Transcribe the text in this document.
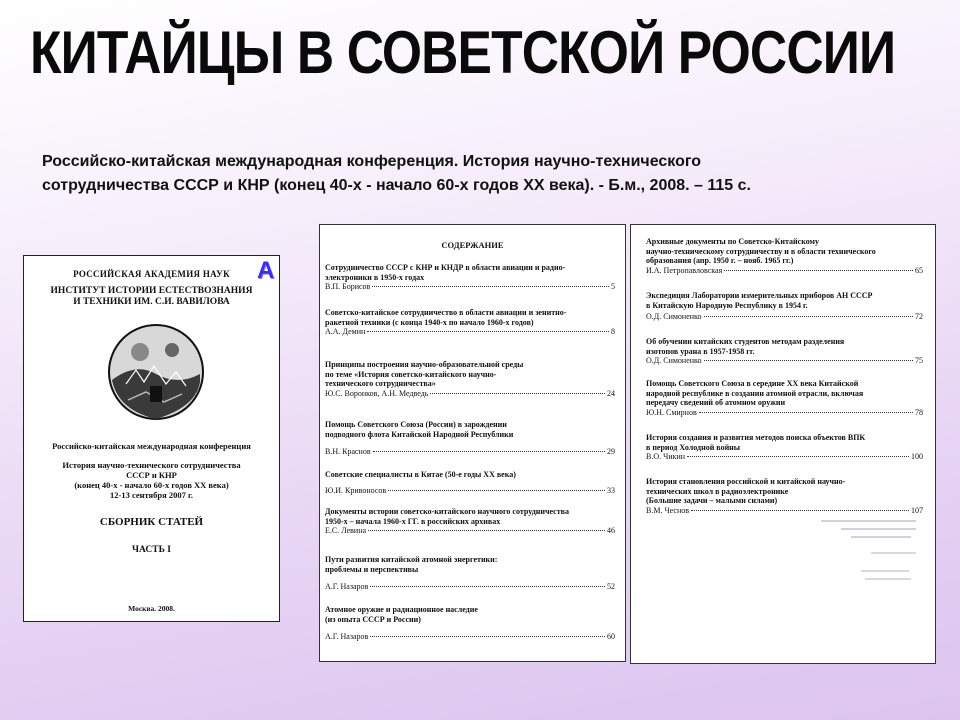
КИТАЙЦЫ В СОВЕТСКОЙ РОССИИ
Российско-китайская международная конференция. История научно-технического
сотрудничества СССР и КНР (конец 40-х - начало 60-х годов XX века). - Б.м., 2008. – 115 с.
А
РОССИЙСКАЯ АКАДЕМИЯ НАУК
ИНСТИТУТ ИСТОРИИ ЕСТЕСТВОЗНАНИЯ
И ТЕХНИКИ ИМ. С.И. ВАВИЛОВА
Российско-китайская международная конференция
История научно-технического сотрудничества
СССР и КНР
(конец 40-х - начало 60-х годов XX века)
12-13 сентября 2007 г.
СБОРНИК СТАТЕЙ
ЧАСТЬ I
Москва. 2008.
СОДЕРЖАНИЕ
Сотрудничество СССР с КНР и КНДР в области авиации и радио-
электроники в 1950-х годах
В.П. Борисов	5
Советско-китайское сотрудничество в области авиации и зенитно-
ракетной техники (с конца 1940-х по начало 1960-х годов)
А.А. Демин	8
Принципы построения научно-образовательной среды
по теме «История советско-китайского научно-
технического сотрудничества»
Ю.С. Воронков, А.Н. Медведь	24
Помощь Советского Союза (России) в зарождении
подводного флота Китайской Народной Республики
В.Н. Краснов	29
Советские специалисты в Китае (50-е годы XX века)
Ю.И. Кривоносов	33
Документы истории советско-китайского научного сотрудничества
1950-х – начала 1960-х ГГ. в российских архивах
Е.С. Левина	46
Пути развития китайской атомной энергетики:
проблемы и перспективы
А.Г. Назаров	52
Атомное оружие и радиационное наследие
(из опыта СССР и России)
А.Г. Назаров	60
Архивные документы по Советско-Китайскому
научно-техническому сотрудничеству и в области технического
образования (апр. 1950 г. – нояб. 1965 гг.)
И.А. Петропавловская	65
Экспедиция Лаборатории измерительных приборов АН СССР
в Китайскую Народную Республику в 1954 г.
О.Д. Симоненко	72
Об обучении китайских студентов методам разделения
изотопов урана в 1957-1958 гг.
О.Д. Симоненко	75
Помощь Советского Союза в середине XX века Китайской
народной республике в создании атомной отрасли, включая
передачу сведений об атомном оружии
Ю.Н. Смирнов	78
История создания и развития методов поиска объектов ВПК
в период Холодной войны
В.О. Чикин	100
История становления российской и китайской научно-
технических школ в радиоэлектронике
(Большие задачи – малыми силами)
В.М. Чеснов	107
